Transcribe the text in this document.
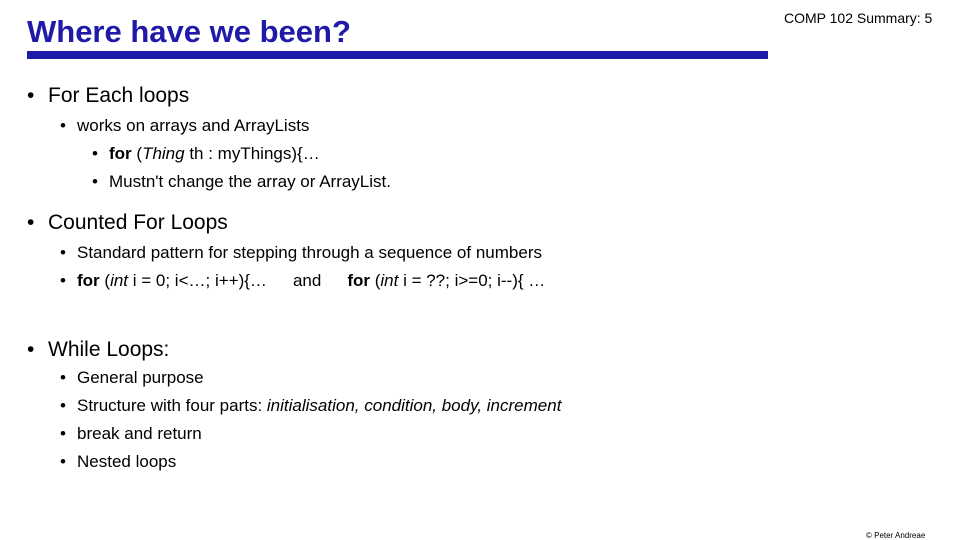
Where have we been?	COMP 102 Summary: 5
• For Each loops
• works on arrays and ArrayLists
• for (Thing th : myThings){…
• Mustn't change the array or ArrayList.
• Counted For Loops
• Standard pattern for stepping through a sequence of numbers
• for (int i = 0; i<…; i++){… and for (int i = ??; i>=0; i--){ …
• While Loops:
• General purpose
• Structure with four parts: initialisation, condition, body, increment
• break and return
• Nested loops
© Peter Andreae
